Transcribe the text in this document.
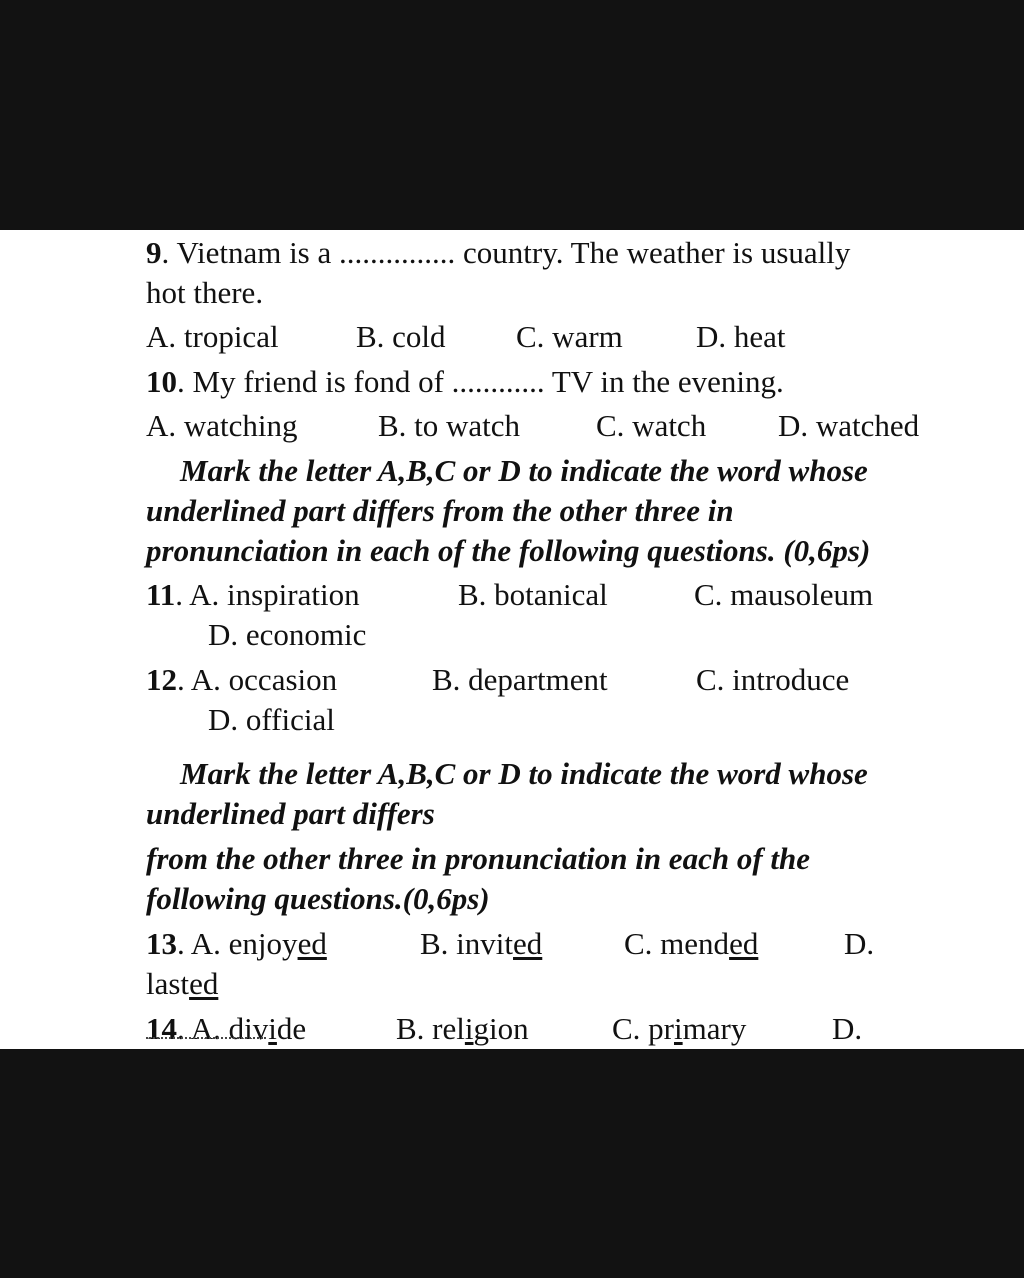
9. Vietnam is a ............... country. The weather is usually
hot there.
A. tropical B. cold C. warm D. heat
10. My friend is fond of ............ TV in the evening.
A. watching	B. to watch C. watch D. watched
Mark the letter A,B,C or D to indicate the word whose
underlined part differs from the other three in
pronunciation in each of the following questions. (0,6ps)
11. A. inspiration	B. botanical	C. mausoleum
D. economic
12. A. occasion	B. department	C. introduce
D. official
Mark the letter A,B,C or D to indicate the word whose
underlined part differs
from the other three in pronunciation in each of the
following questions.(0,6ps)
13. A. enjoyed	B. invited	C. mended	D.
lasted
14. A. divide	B. religion	C. primary	D.
